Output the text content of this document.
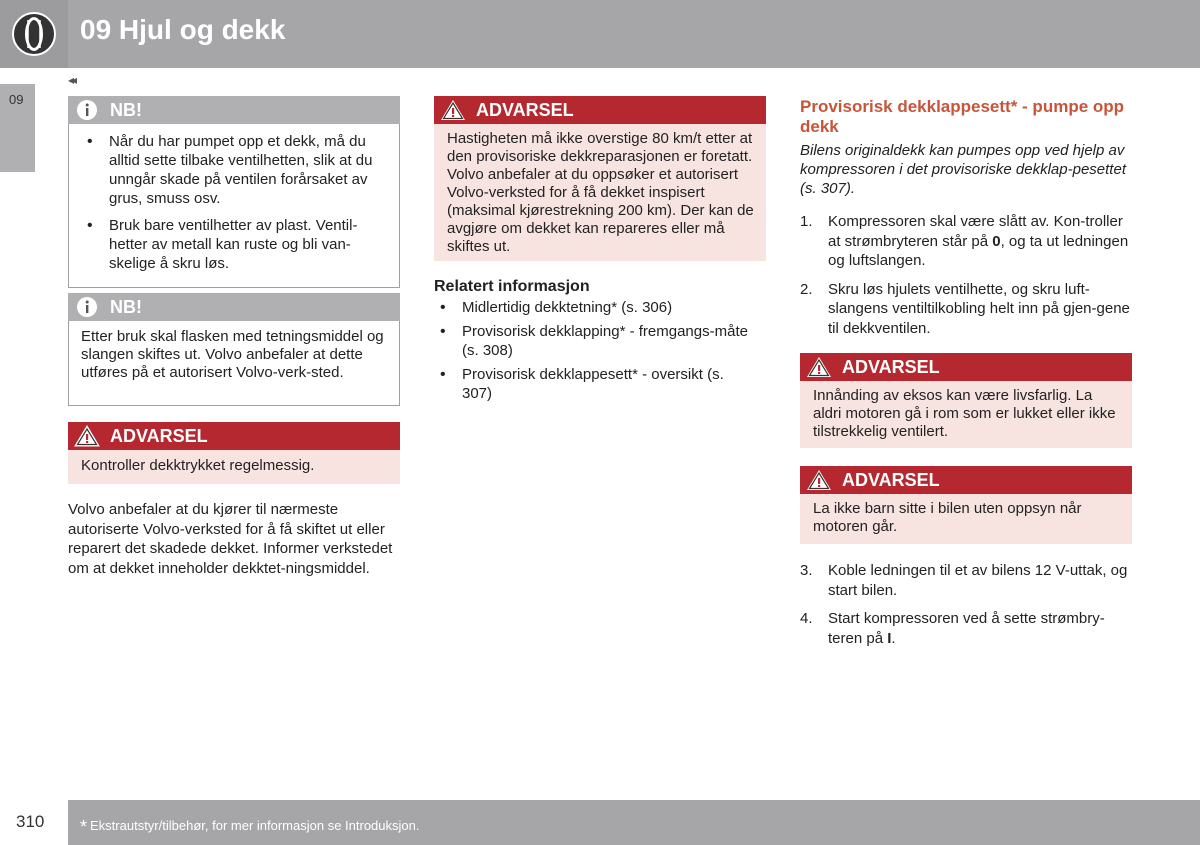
09 Hjul og dekk
09
◂◂
NB!
• Når du har pumpet opp et dekk, må du alltid sette tilbake ventilhetten, slik at du unngår skade på ventilen forårsaket av grus, smuss osv.
• Bruk bare ventilhetter av plast. Ventil-hetter av metall kan ruste og bli van-skelige å skru løs.
NB!
Etter bruk skal flasken med tetningsmiddel og slangen skiftes ut. Volvo anbefaler at dette utføres på et autorisert Volvo-verk-sted.
ADVARSEL
Kontroller dekktrykket regelmessig.
Volvo anbefaler at du kjører til nærmeste autoriserte Volvo-verksted for å få skiftet ut eller reparert det skadede dekket. Informer verkstedet om at dekket inneholder dekktet-ningsmiddel.
ADVARSEL
Hastigheten må ikke overstige 80 km/t etter at den provisoriske dekkreparasjonen er foretatt. Volvo anbefaler at du oppsøker et autorisert Volvo-verksted for å få dekket inspisert (maksimal kjørestrekning 200 km). Der kan de avgjøre om dekket kan repareres eller må skiftes ut.
Relatert informasjon
• Midlertidig dekktetning* (s. 306)
• Provisorisk dekklapping* - fremgangs-måte (s. 308)
• Provisorisk dekklappesett* - oversikt (s. 307)
Provisorisk dekklappesett* - pumpe opp dekk
Bilens originaldekk kan pumpes opp ved hjelp av kompressoren i det provisoriske dekklap-pesettet (s. 307).
1. Kompressoren skal være slått av. Kon-troller at strømbryteren står på 0, og ta ut ledningen og luftslangen.
2. Skru løs hjulets ventilhette, og skru luft-slangens ventiltilkobling helt inn på gjen-gene til dekkventilen.
ADVARSEL
Innånding av eksos kan være livsfarlig. La aldri motoren gå i rom som er lukket eller ikke tilstrekkelig ventilert.
ADVARSEL
La ikke barn sitte i bilen uten oppsyn når motoren går.
3. Koble ledningen til et av bilens 12 V-uttak, og start bilen.
4. Start kompressoren ved å sette strømbry-teren på I.
310 * Ekstrautstyr/tilbehør, for mer informasjon se Introduksjon.
